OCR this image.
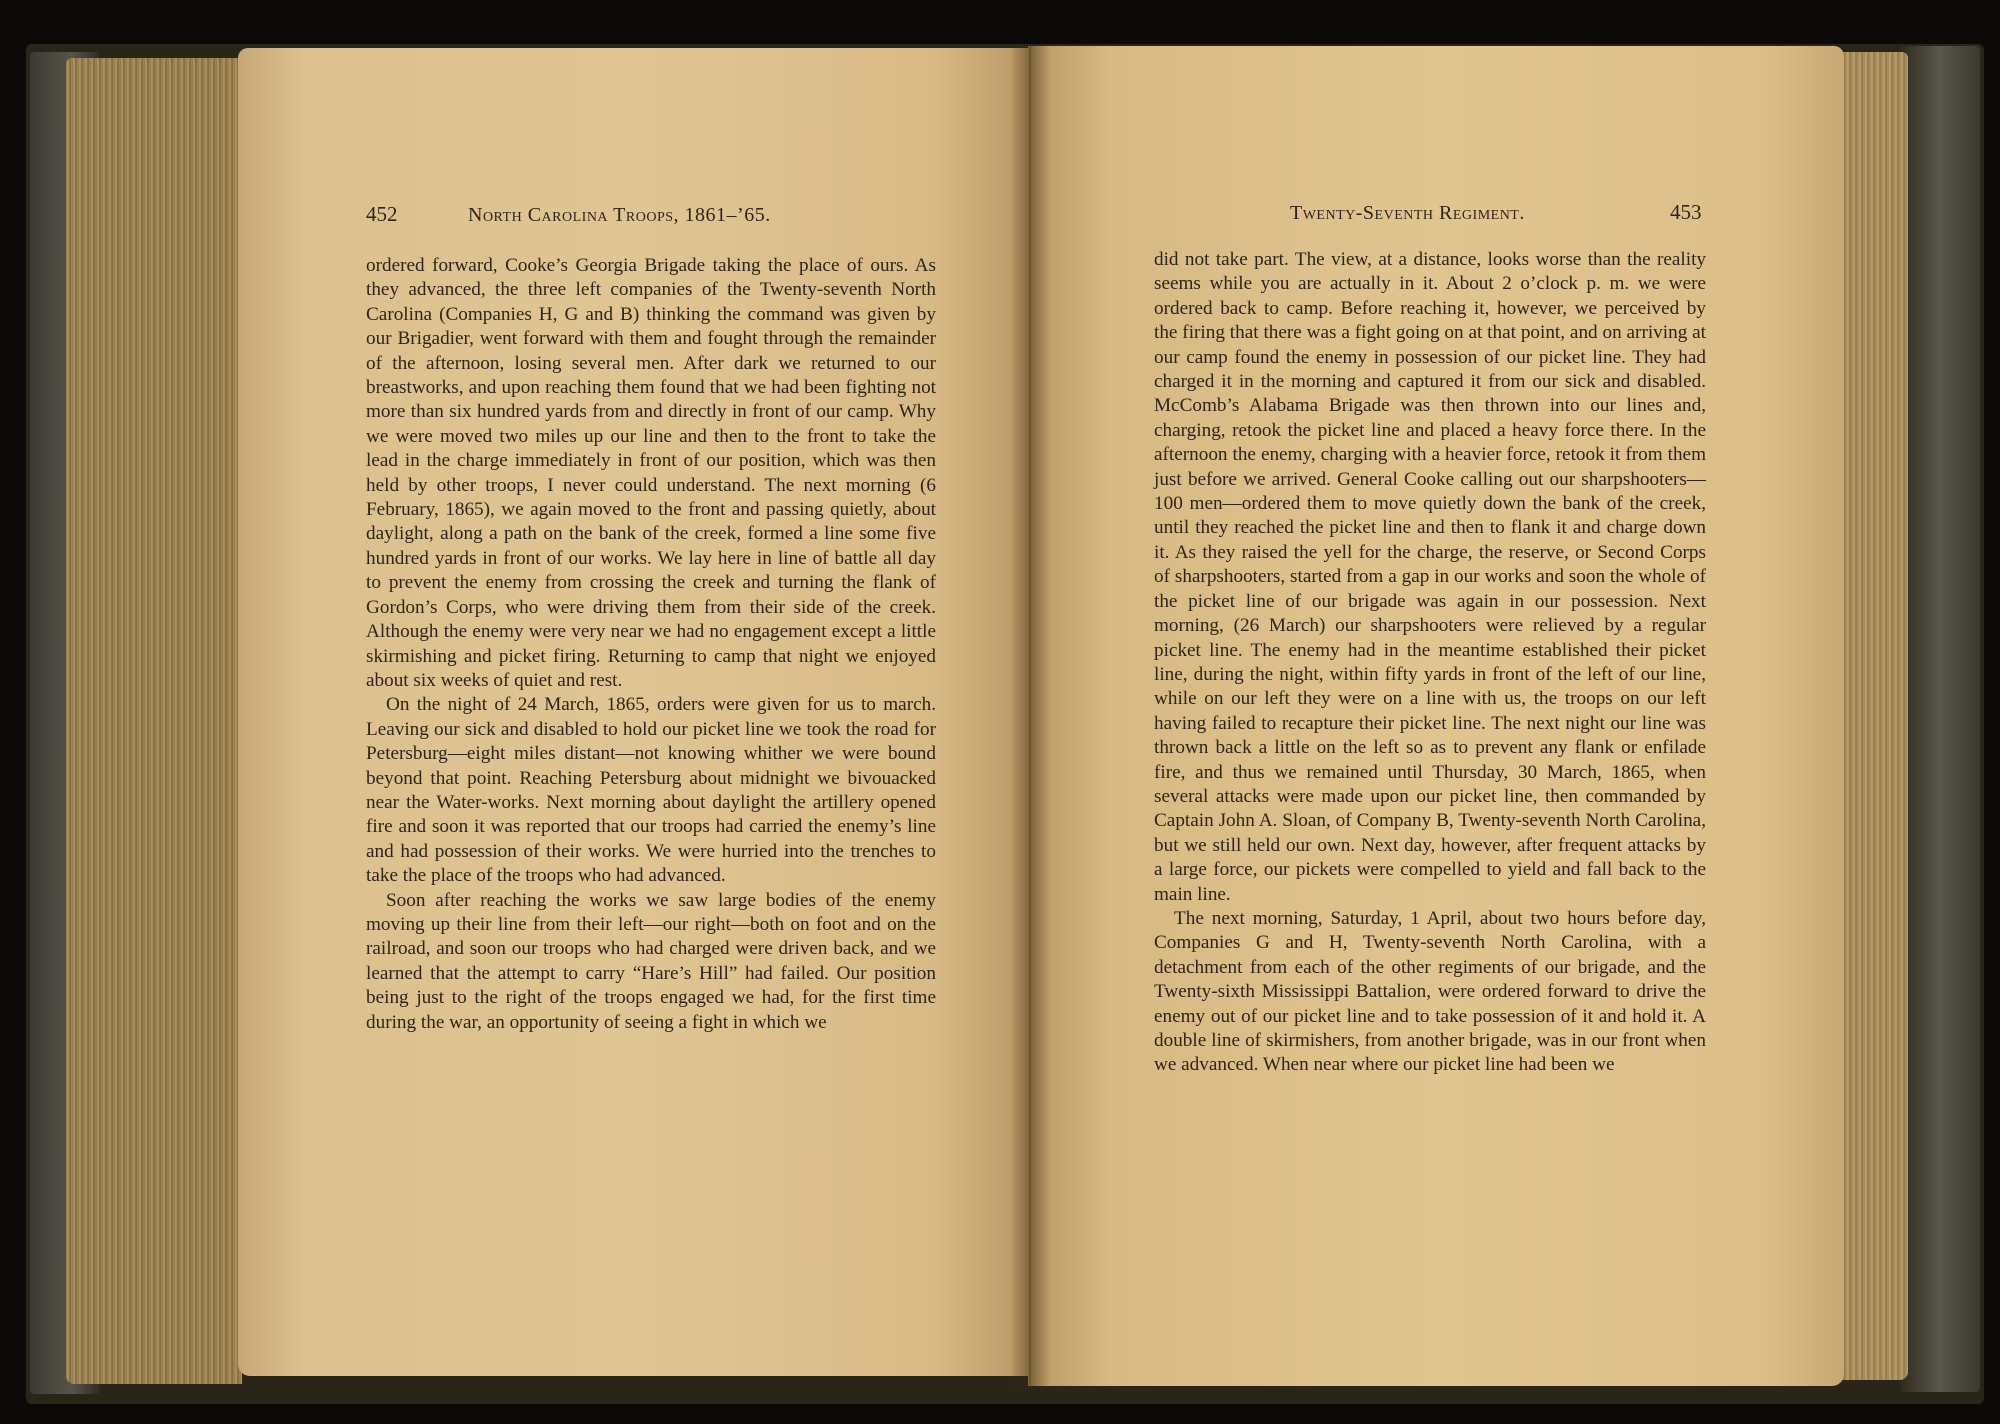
452	North Carolina Troops, 1861–’65.

ordered forward, Cooke’s Georgia Brigade taking the place of ours. As they advanced, the three left companies of the Twenty-seventh North Carolina (Companies H, G and B) thinking the command was given by our Brigadier, went forward with them and fought through the remainder of the afternoon, losing several men. After dark we returned to our breastworks, and upon reaching them found that we had been fighting not more than six hundred yards from and directly in front of our camp. Why we were moved two miles up our line and then to the front to take the lead in the charge immediately in front of our position, which was then held by other troops, I never could understand. The next morning (6 February, 1865), we again moved to the front and passing quietly, about daylight, along a path on the bank of the creek, formed a line some five hundred yards in front of our works. We lay here in line of battle all day to prevent the enemy from crossing the creek and turning the flank of Gordon’s Corps, who were driving them from their side of the creek. Although the enemy were very near we had no engagement except a little skirmishing and picket firing. Returning to camp that night we enjoyed about six weeks of quiet and rest.

On the night of 24 March, 1865, orders were given for us to march. Leaving our sick and disabled to hold our picket line we took the road for Petersburg—eight miles distant—not knowing whither we were bound beyond that point. Reaching Petersburg about midnight we bivouacked near the Water-works. Next morning about daylight the artillery opened fire and soon it was reported that our troops had carried the enemy’s line and had possession of their works. We were hurried into the trenches to take the place of the troops who had advanced.

Soon after reaching the works we saw large bodies of the enemy moving up their line from their left—our right—both on foot and on the railroad, and soon our troops who had charged were driven back, and we learned that the attempt to carry “Hare’s Hill” had failed. Our position being just to the right of the troops engaged we had, for the first time during the war, an opportunity of seeing a fight in which we

Twenty-Seventh Regiment.	453

did not take part. The view, at a distance, looks worse than the reality seems while you are actually in it. About 2 o’clock p. m. we were ordered back to camp. Before reaching it, however, we perceived by the firing that there was a fight going on at that point, and on arriving at our camp found the enemy in possession of our picket line. They had charged it in the morning and captured it from our sick and disabled. McComb’s Alabama Brigade was then thrown into our lines and, charging, retook the picket line and placed a heavy force there. In the afternoon the enemy, charging with a heavier force, retook it from them just before we arrived. General Cooke calling out our sharpshooters—100 men—ordered them to move quietly down the bank of the creek, until they reached the picket line and then to flank it and charge down it. As they raised the yell for the charge, the reserve, or Second Corps of sharpshooters, started from a gap in our works and soon the whole of the picket line of our brigade was again in our possession. Next morning, (26 March) our sharpshooters were relieved by a regular picket line. The enemy had in the meantime established their picket line, during the night, within fifty yards in front of the left of our line, while on our left they were on a line with us, the troops on our left having failed to recapture their picket line. The next night our line was thrown back a little on the left so as to prevent any flank or enfilade fire, and thus we remained until Thursday, 30 March, 1865, when several attacks were made upon our picket line, then commanded by Captain John A. Sloan, of Company B, Twenty-seventh North Carolina, but we still held our own. Next day, however, after frequent attacks by a large force, our pickets were compelled to yield and fall back to the main line.

The next morning, Saturday, 1 April, about two hours before day, Companies G and H, Twenty-seventh North Carolina, with a detachment from each of the other regiments of our brigade, and the Twenty-sixth Mississippi Battalion, were ordered forward to drive the enemy out of our picket line and to take possession of it and hold it. A double line of skirmishers, from another brigade, was in our front when we advanced. When near where our picket line had been we
